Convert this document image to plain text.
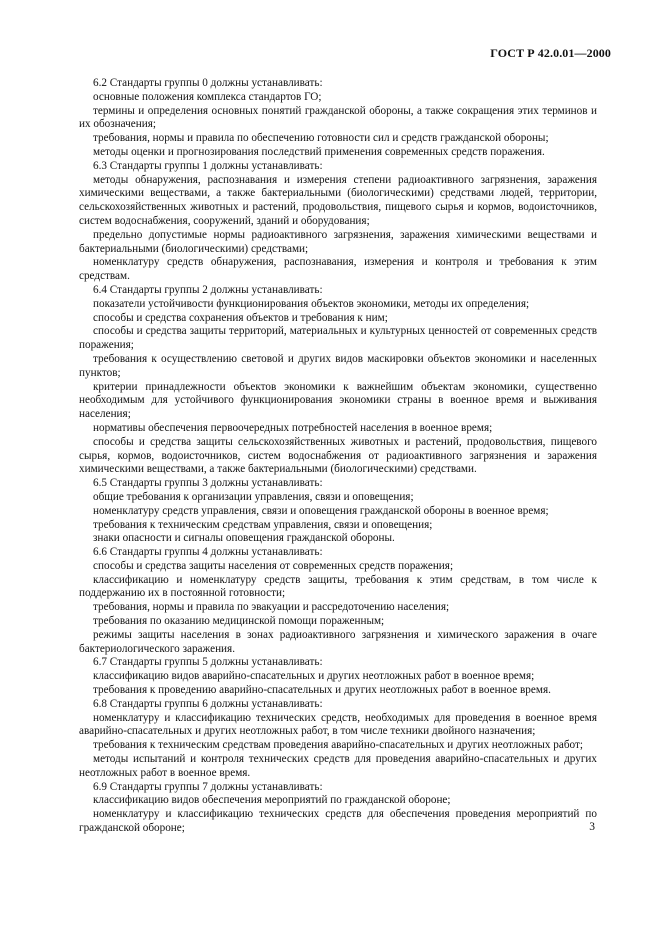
ГОСТ Р 42.0.01—2000

6.2 Стандарты группы 0 должны устанавливать:

основные положения комплекса стандартов ГО;

термины и определения основных понятий гражданской обороны, а также сокращения этих терминов и их обозначения;

требования, нормы и правила по обеспечению готовности сил и средств гражданской обороны;

методы оценки и прогнозирования последствий применения современных средств поражения.

6.3 Стандарты группы 1 должны устанавливать:

методы обнаружения, распознавания и измерения степени радиоактивного загрязнения, заражения химическими веществами, а также бактериальными (биологическими) средствами людей, территории, сельскохозяйственных животных и растений, продовольствия, пищевого сырья и кормов, водоисточников, систем водоснабжения, сооружений, зданий и оборудования;

предельно допустимые нормы радиоактивного загрязнения, заражения химическими веществами и бактериальными (биологическими) средствами;

номенклатуру средств обнаружения, распознавания, измерения и контроля и требования к этим средствам.

6.4 Стандарты группы 2 должны устанавливать:

показатели устойчивости функционирования объектов экономики, методы их определения;

способы и средства сохранения объектов и требования к ним;

способы и средства защиты территорий, материальных и культурных ценностей от современных средств поражения;

требования к осуществлению световой и других видов маскировки объектов экономики и населенных пунктов;

критерии принадлежности объектов экономики к важнейшим объектам экономики, существенно необходимым для устойчивого функционирования экономики страны в военное время и выживания населения;

нормативы обеспечения первоочередных потребностей населения в военное время;

способы и средства защиты сельскохозяйственных животных и растений, продовольствия, пищевого сырья, кормов, водоисточников, систем водоснабжения от радиоактивного загрязнения и заражения химическими веществами, а также бактериальными (биологическими) средствами.

6.5 Стандарты группы 3 должны устанавливать:

общие требования к организации управления, связи и оповещения;

номенклатуру средств управления, связи и оповещения гражданской обороны в военное время;

требования к техническим средствам управления, связи и оповещения;

знаки опасности и сигналы оповещения гражданской обороны.

6.6 Стандарты группы 4 должны устанавливать:

способы и средства защиты населения от современных средств поражения;

классификацию и номенклатуру средств защиты, требования к этим средствам, в том числе к поддержанию их в постоянной готовности;

требования, нормы и правила по эвакуации и рассредоточению населения;

требования по оказанию медицинской помощи пораженным;

режимы защиты населения в зонах радиоактивного загрязнения и химического заражения в очаге бактериологического заражения.

6.7 Стандарты группы 5 должны устанавливать:

классификацию видов аварийно-спасательных и других неотложных работ в военное время;

требования к проведению аварийно-спасательных и других неотложных работ в военное время.

6.8 Стандарты группы 6 должны устанавливать:

номенклатуру и классификацию технических средств, необходимых для проведения в военное время аварийно-спасательных и других неотложных работ, в том числе техники двойного назначения;

требования к техническим средствам проведения аварийно-спасательных и других неотложных работ;

методы испытаний и контроля технических средств для проведения аварийно-спасательных и других неотложных работ в военное время.

6.9 Стандарты группы 7 должны устанавливать:

классификацию видов обеспечения мероприятий по гражданской обороне;

номенклатуру и классификацию технических средств для обеспечения проведения мероприятий по гражданской обороне;	3
